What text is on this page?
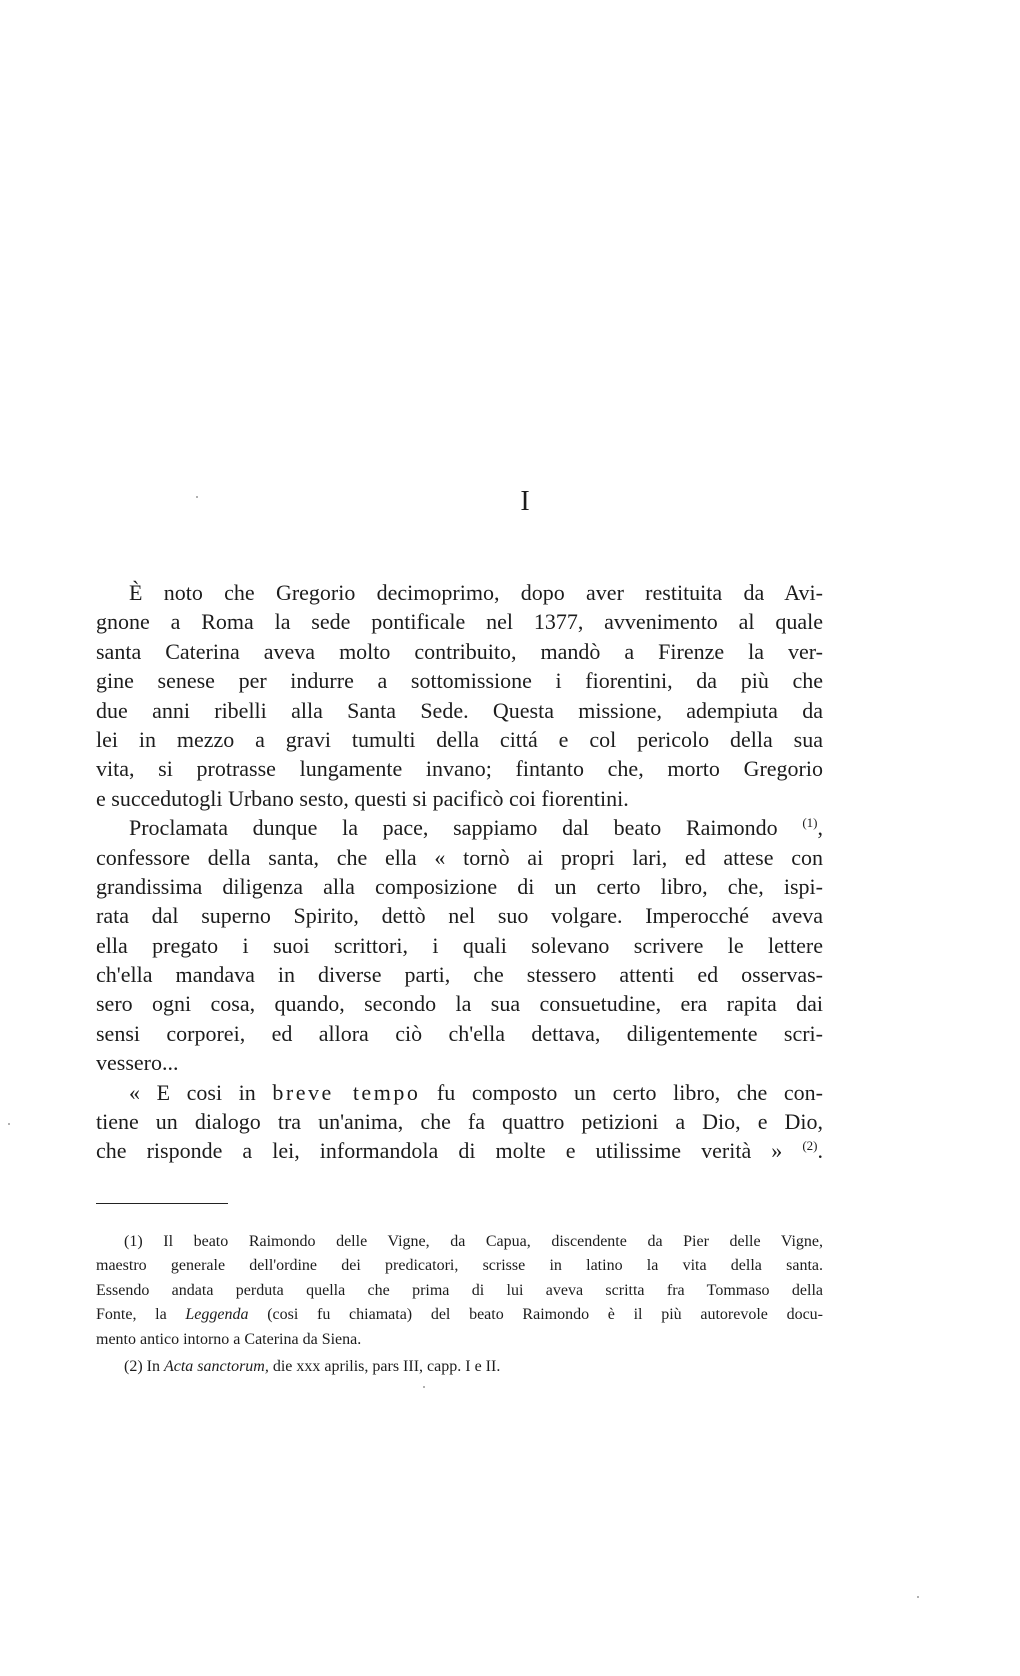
I
È noto che Gregorio decimoprimo, dopo aver restituita da Avi-
gnone a Roma la sede pontificale nel 1377, avvenimento al quale
santa Caterina aveva molto contribuito, mandò a Firenze la ver-
gine senese per indurre a sottomissione i fiorentini, da più che
due anni ribelli alla Santa Sede. Questa missione, adempiuta da
lei in mezzo a gravi tumulti della cittá e col pericolo della sua
vita, si protrasse lungamente invano; fintanto che, morto Gregorio
e succedutogli Urbano sesto, questi si pacificò coi fiorentini.
Proclamata dunque la pace, sappiamo dal beato Raimondo $^{(1)}$,
confessore della santa, che ella « tornò ai propri lari, ed attese con
grandissima diligenza alla composizione di un certo libro, che, ispi-
rata dal superno Spirito, dettò nel suo volgare. Imperocché aveva
ella pregato i suoi scrittori, i quali solevano scrivere le lettere
ch'ella mandava in diverse parti, che stessero attenti ed osservas-
sero ogni cosa, quando, secondo la sua consuetudine, era rapita dai
sensi corporei, ed allora ciò ch'ella dettava, diligentemente scri-
vessero...
« E cosi in breve tempo fu composto un certo libro, che con-
tiene un dialogo tra un'anima, che fa quattro petizioni a Dio, e Dio,
che risponde a lei, informandola di molte e utilissime verità » $^{(2)}$.
(1) Il beato Raimondo delle Vigne, da Capua, discendente da Pier delle Vigne,
maestro generale dell'ordine dei predicatori, scrisse in latino la vita della santa.
Essendo andata perduta quella che prima di lui aveva scritta fra Tommaso della
Fonte, la Leggenda (cosi fu chiamata) del beato Raimondo è il più autorevole docu-
mento antico intorno a Caterina da Siena.
(2) In Acta sanctorum, die xxx aprilis, pars III, capp. I e II.
